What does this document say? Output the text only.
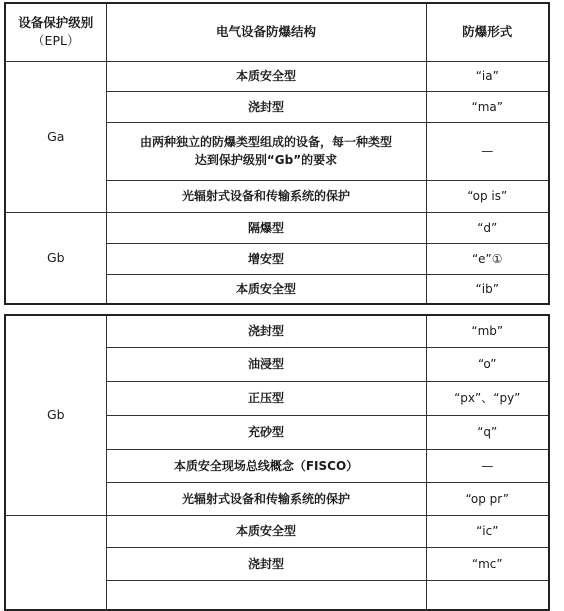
设备保护级别
（EPL）	电气设备防爆结构	防爆形式
Ga	本质安全型	“ia”
	浇封型	“ma”
	由两种独立的防爆类型组成的设备，每一种类型达到保护级别“Gb”的要求	—
	光辐射式设备和传输系统的保护	“op is”
Gb	隔爆型	“d”
	增安型	“e”①
	本质安全型	“ib”
Gb	浇封型	“mb”
	油浸型	“o”
	正压型	“px”、“py”
	充砂型	“q”
	本质安全现场总线概念（FISCO）	—
	光辐射式设备和传输系统的保护	“op pr”
	本质安全型	“ic”
	浇封型	“mc”
